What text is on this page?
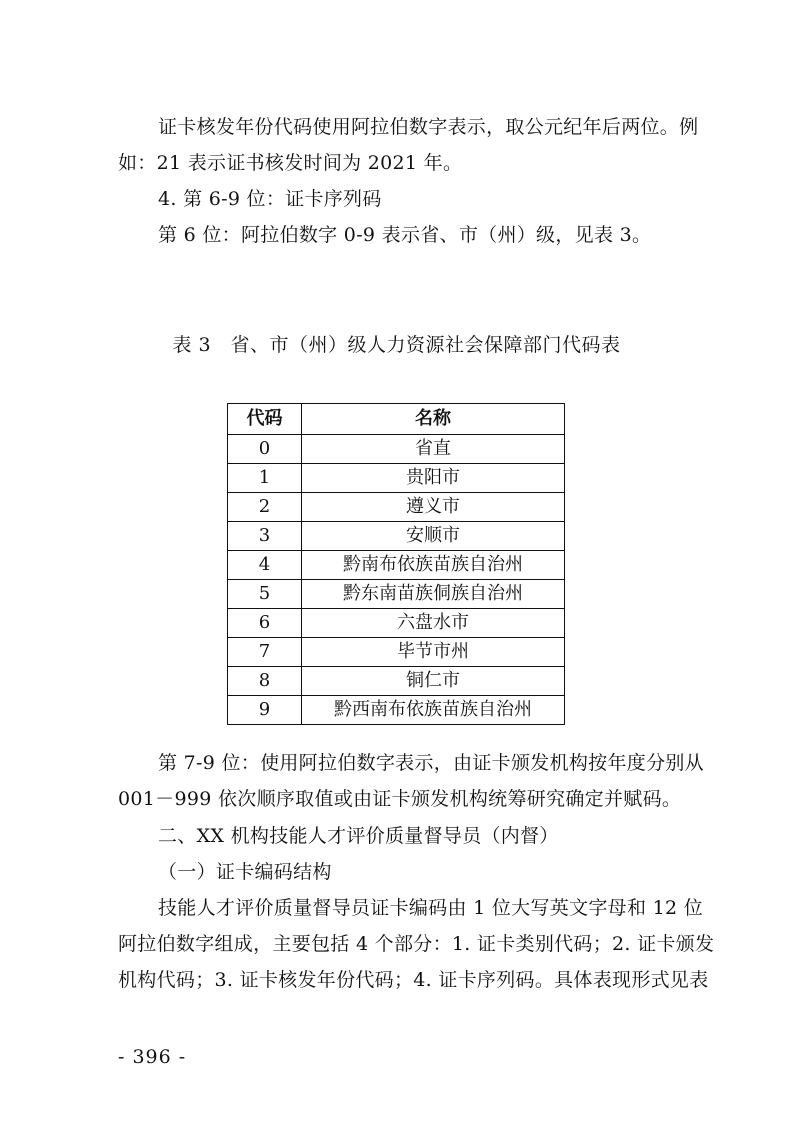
证卡核发年份代码使用阿拉伯数字表示，取公元纪年后两位。例
如：21 表示证书核发时间为 2021 年。
4. 第 6-9 位：证卡序列码
第 6 位：阿拉伯数字 0-9 表示省、市（州）级，见表 3。
表 3　省、市（州）级人力资源社会保障部门代码表
代码	名称
0	省直
1	贵阳市
2	遵义市
3	安顺市
4	黔南布依族苗族自治州
5	黔东南苗族侗族自治州
6	六盘水市
7	毕节市州
8	铜仁市
9	黔西南布依族苗族自治州
第 7-9 位：使用阿拉伯数字表示，由证卡颁发机构按年度分别从
001－999 依次顺序取值或由证卡颁发机构统筹研究确定并赋码。
二、XX 机构技能人才评价质量督导员（内督）
（一）证卡编码结构
技能人才评价质量督导员证卡编码由 1 位大写英文字母和 12 位
阿拉伯数字组成，主要包括 4 个部分：1. 证卡类别代码；2. 证卡颁发
机构代码；3. 证卡核发年份代码；4. 证卡序列码。具体表现形式见表
- 396 -
